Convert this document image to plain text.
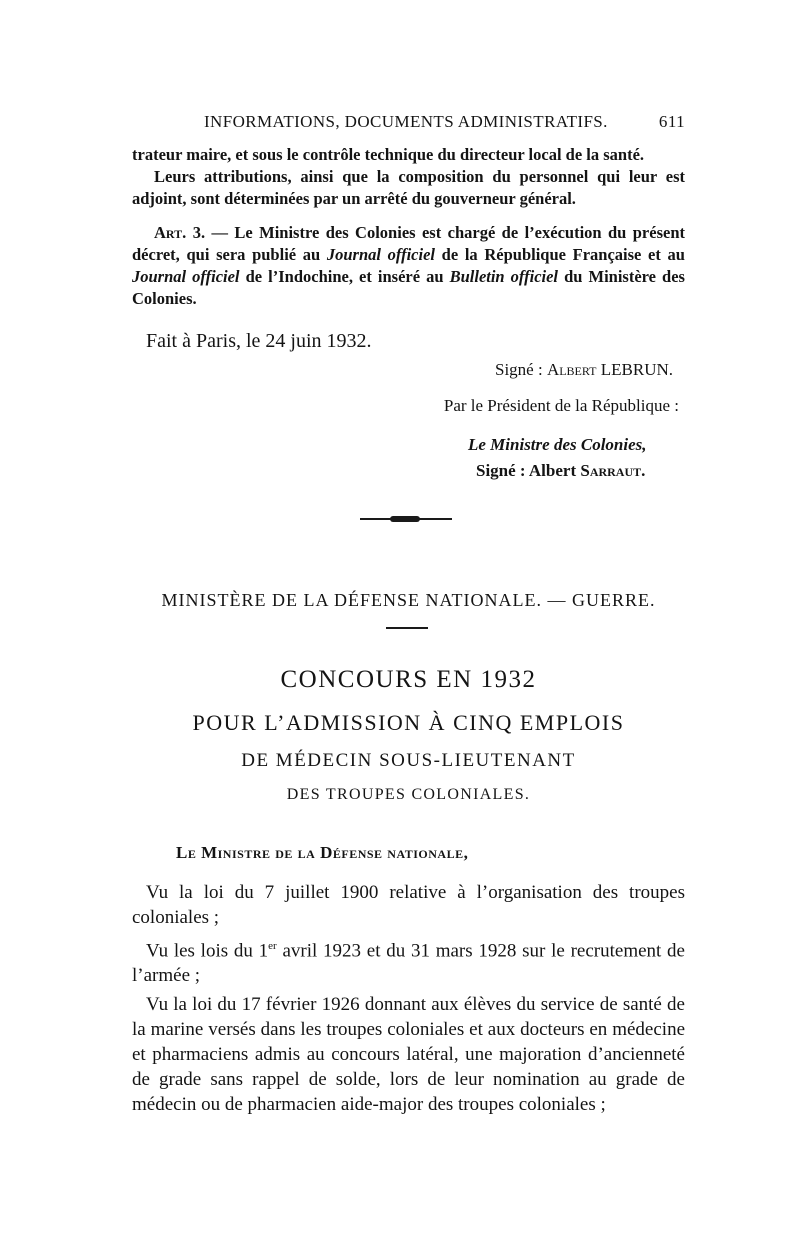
INFORMATIONS, DOCUMENTS ADMINISTRATIFS.	611

trateur maire, et sous le contrôle technique du directeur local de la santé.

Leurs attributions, ainsi que la composition du personnel qui leur est adjoint, sont déterminées par un arrêté du gouverneur général.

Art. 3. — Le Ministre des Colonies est chargé de l’exécution du présent décret, qui sera publié au Journal officiel de la République Française et au Journal officiel de l’Indochine, et inséré au Bulletin officiel du Ministère des Colonies.

Fait à Paris, le 24 juin 1932.

Signé : Albert LEBRUN.
Par le Président de la République :
Le Ministre des Colonies,
Signé : Albert Sarraut.
MINISTÈRE DE LA DÉFENSE NATIONALE. — GUERRE.

CONCOURS EN 1932

POUR L’ADMISSION À CINQ EMPLOIS

DE MÉDECIN SOUS-LIEUTENANT

DES TROUPES COLONIALES.

Le Ministre de la Défense nationale,

Vu la loi du 7 juillet 1900 relative à l’organisation des troupes coloniales ;

Vu les lois du 1er avril 1923 et du 31 mars 1928 sur le recrutement de l’armée ;

Vu la loi du 17 février 1926 donnant aux élèves du service de santé de la marine versés dans les troupes coloniales et aux docteurs en médecine et pharmaciens admis au concours latéral, une majoration d’ancienneté de grade sans rappel de solde, lors de leur nomination au grade de médecin ou de pharmacien aide-major des troupes coloniales ;
